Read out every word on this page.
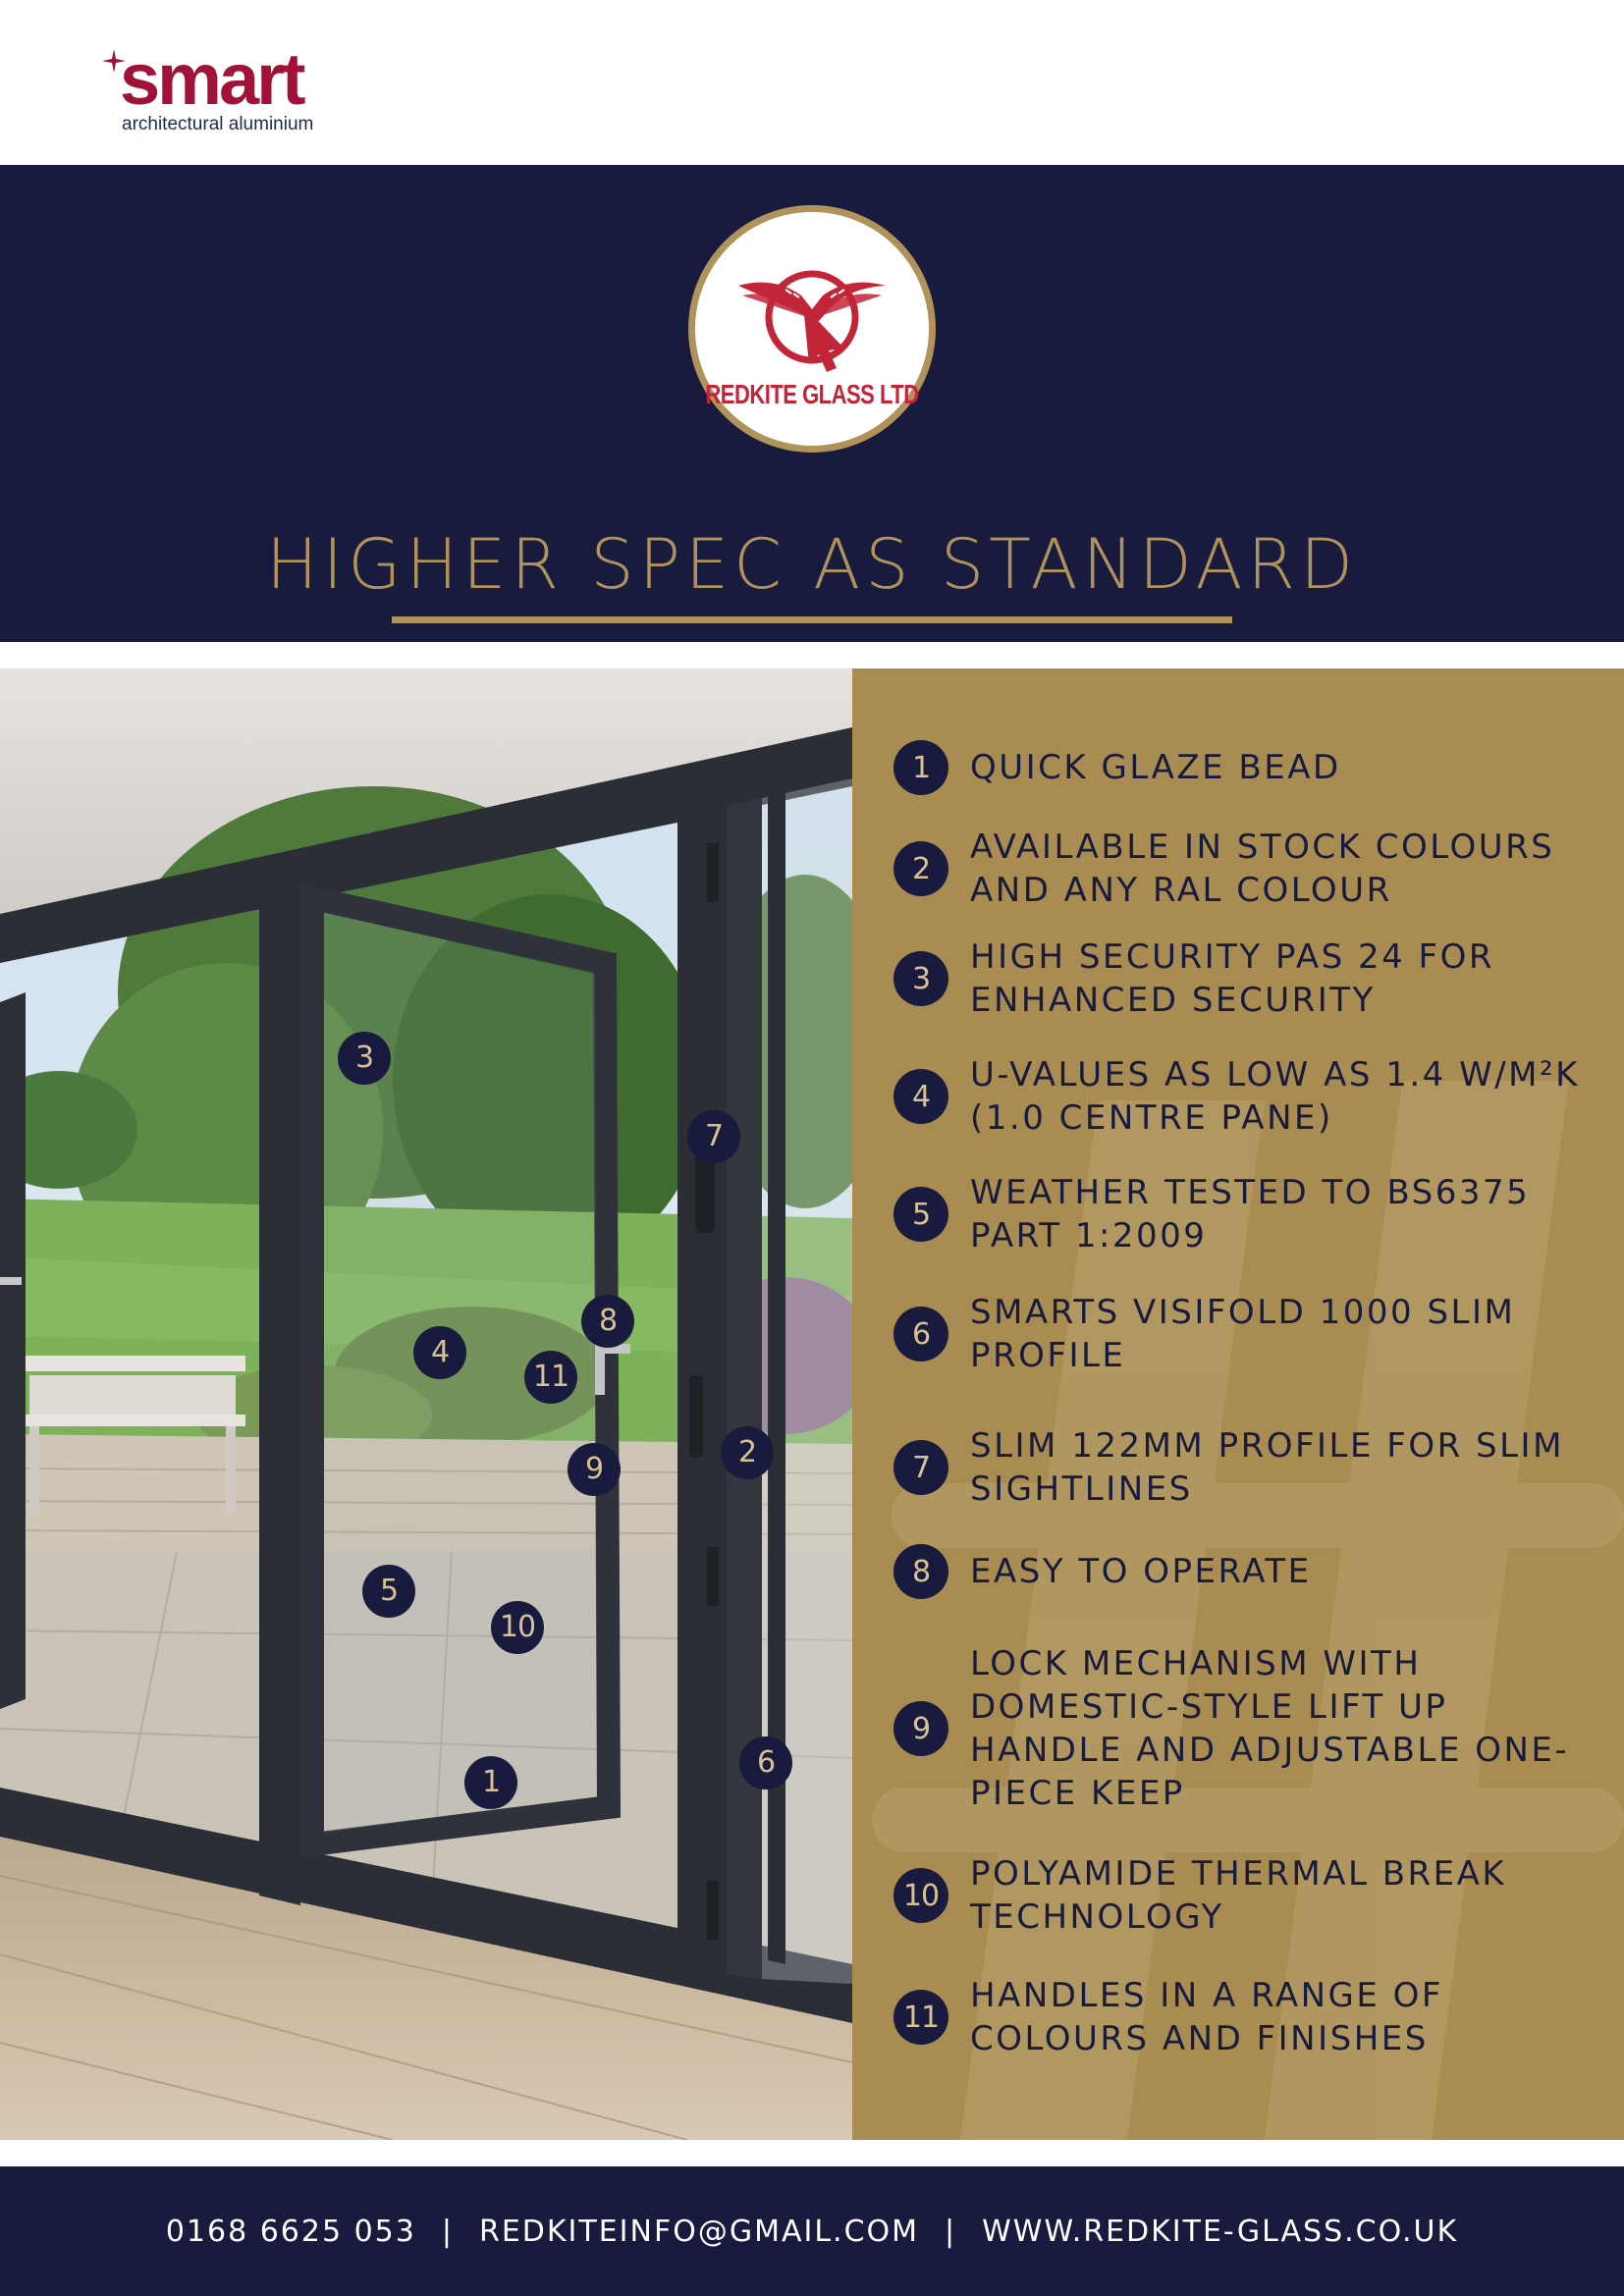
smart
architectural aluminium
REDKITE GLASS LTD
HIGHER SPEC AS STANDARD
1
2
3
4
5
6
7
8
9
10
11
1	QUICK GLAZE BEAD
2
AVAILABLE IN STOCK COLOURS AND ANY RAL COLOUR
3
HIGH SECURITY PAS 24 FOR ENHANCED SECURITY
4
U-VALUES AS LOW AS 1.4 W/M²K (1.0 CENTRE PANE)
5
WEATHER TESTED TO BS6375 PART 1:2009
6
SMARTS VISIFOLD 1000 SLIM PROFILE
7
SLIM 122MM PROFILE FOR SLIM SIGHTLINES
8	EASY TO OPERATE
9
LOCK MECHANISM WITH DOMESTIC-STYLE LIFT UP HANDLE AND ADJUSTABLE ONE-PIECE KEEP
10
POLYAMIDE THERMAL BREAK TECHNOLOGY
11
HANDLES IN A RANGE OF COLOURS AND FINISHES
0168 6625 053 | REDKITEINFO@GMAIL.COM | WWW.REDKITE-GLASS.CO.UK
